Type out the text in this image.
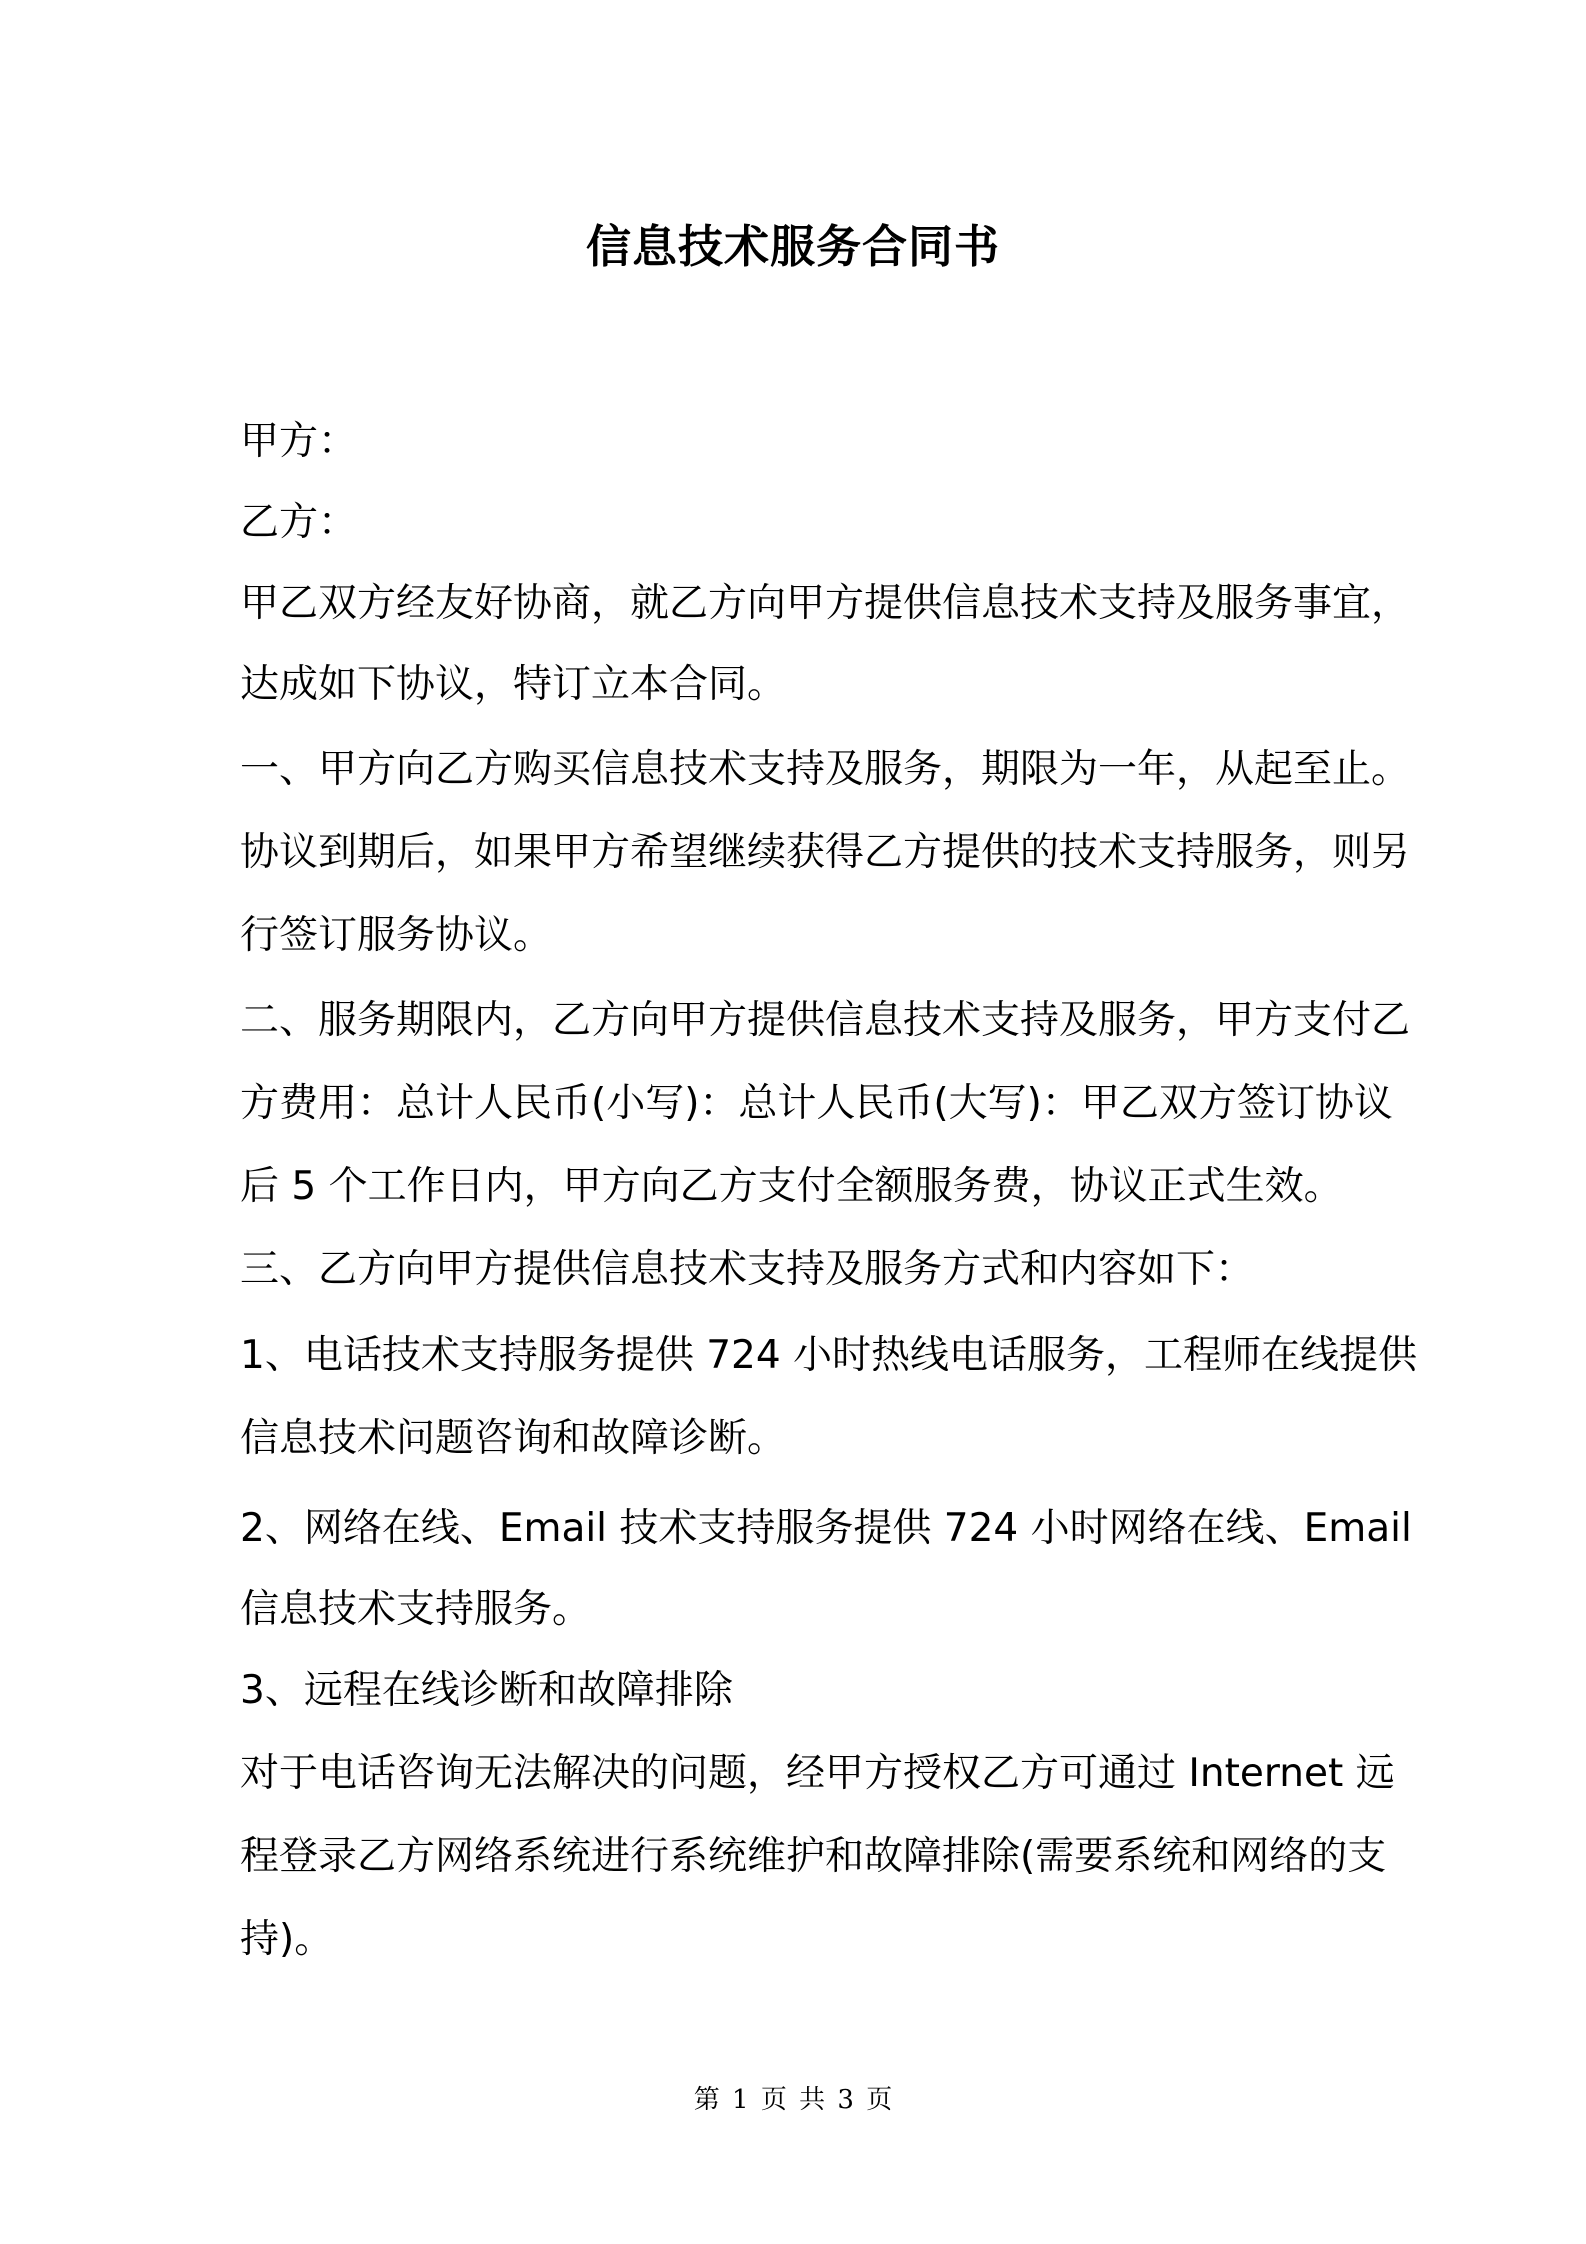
信息技术服务合同书
甲方：
乙方：
甲乙双方经友好协商，就乙方向甲方提供信息技术支持及服务事宜，
达成如下协议，特订立本合同。
一、甲方向乙方购买信息技术支持及服务，期限为一年，从起至止。
协议到期后，如果甲方希望继续获得乙方提供的技术支持服务，则另
行签订服务协议。
二、服务期限内，乙方向甲方提供信息技术支持及服务，甲方支付乙
方费用：总计人民币(小写)：总计人民币(大写)：甲乙双方签订协议
后 5 个工作日内，甲方向乙方支付全额服务费，协议正式生效。
三、乙方向甲方提供信息技术支持及服务方式和内容如下：
1、电话技术支持服务提供 724 小时热线电话服务，工程师在线提供
信息技术问题咨询和故障诊断。
2、网络在线、Email 技术支持服务提供 724 小时网络在线、Email
信息技术支持服务。
3、远程在线诊断和故障排除
对于电话咨询无法解决的问题，经甲方授权乙方可通过 Internet 远
程登录乙方网络系统进行系统维护和故障排除(需要系统和网络的支
持)。
第 1 页 共 3 页
